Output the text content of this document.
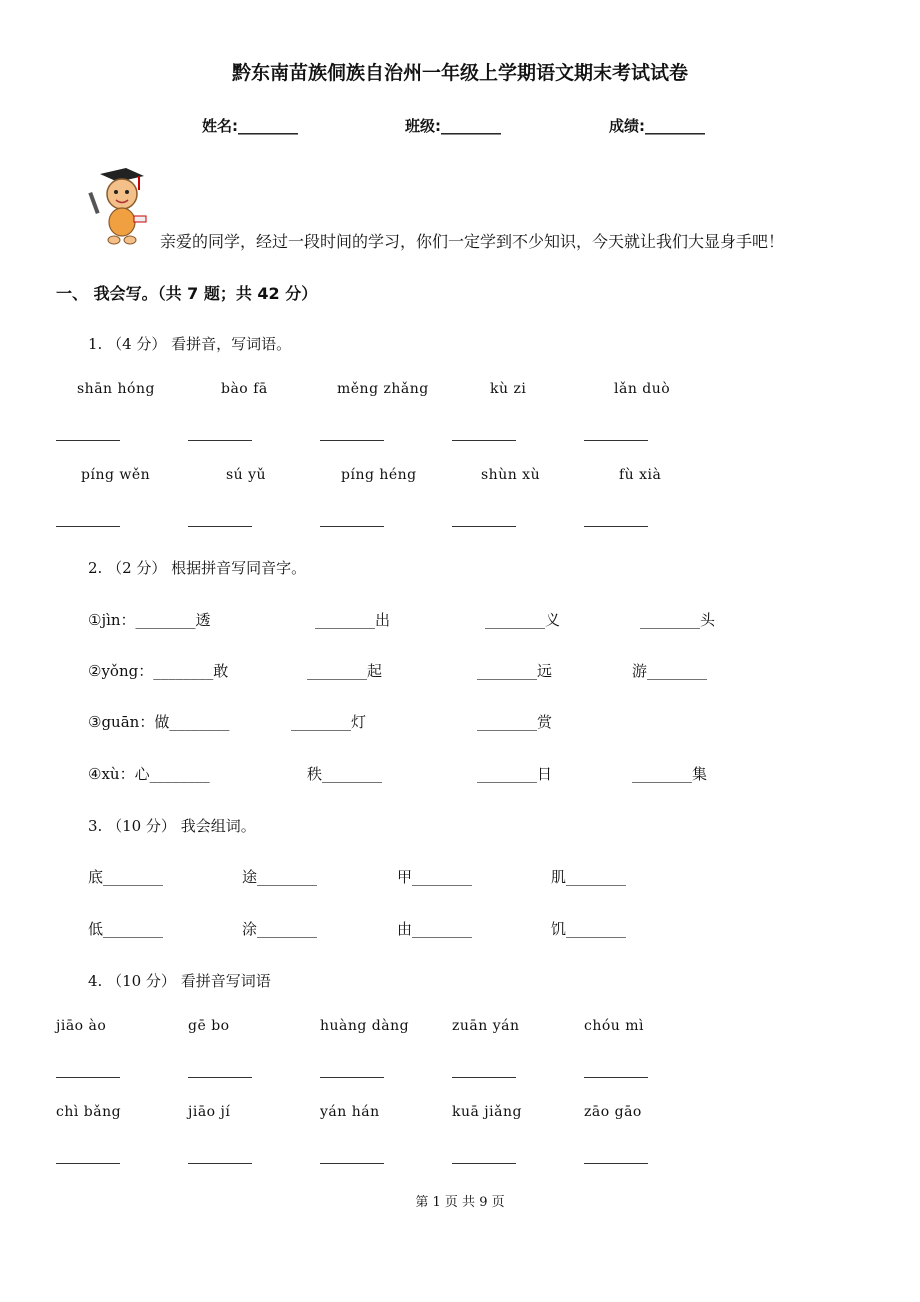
黔东南苗族侗族自治州一年级上学期语文期末考试试卷
姓名:________	班级:________	成绩:________
亲爱的同学，经过一段时间的学习，你们一定学到不少知识，今天就让我们大显身手吧！
一、 我会写。（共 7 题；共 42 分）
1. （4 分） 看拼音，写词语。
shān hóng	bào fā	měng zhǎng	kù zi	lǎn duò
píng wěn	sú yǔ	píng héng	shùn xù	fù xià
2. （2 分） 根据拼音写同音字。
①jìn：________透	________出	________义	________头
②yǒng：________敢	________起	________远	游________
③guān：做________	________灯	________赏
④xù：心________	秩________	________日	________集
3. （10 分） 我会组词。
底________	途________	甲________	肌________
低________	涂________	由________	饥________
4. （10 分） 看拼音写词语
jiāo ào	gē bo	huàng dàng	zuān yán	chóu mì
chì bǎng	jiāo jí	yán hán	kuā jiǎng	zāo gāo
第 1 页 共 9 页
